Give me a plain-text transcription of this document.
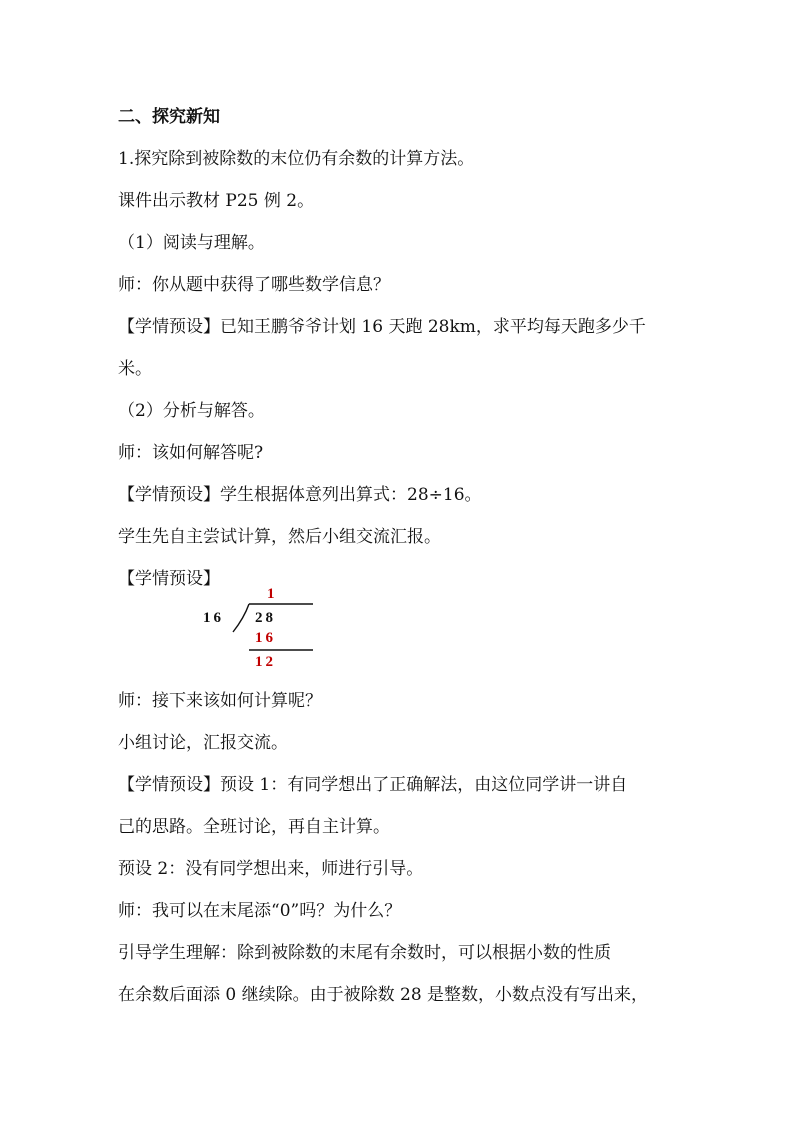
二、探究新知
1.探究除到被除数的末位仍有余数的计算方法。
课件出示教材 P25 例 2。
（1）阅读与理解。
师：你从题中获得了哪些数学信息？
【学情预设】已知王鹏爷爷计划 16 天跑 28km，求平均每天跑多少千
米。
（2）分析与解答。
师：该如何解答呢?
【学情预设】学生根据体意列出算式：28÷16。
学生先自主尝试计算，然后小组交流汇报。
【学情预设】
1
16 28
16
12
师：接下来该如何计算呢？
小组讨论，汇报交流。
【学情预设】预设 1：有同学想出了正确解法，由这位同学讲一讲自
己的思路。全班讨论，再自主计算。
预设 2：没有同学想出来，师进行引导。
师：我可以在末尾添“0”吗？为什么？
引导学生理解：除到被除数的末尾有余数时，可以根据小数的性质
在余数后面添 0 继续除。由于被除数 28 是整数，小数点没有写出来，
